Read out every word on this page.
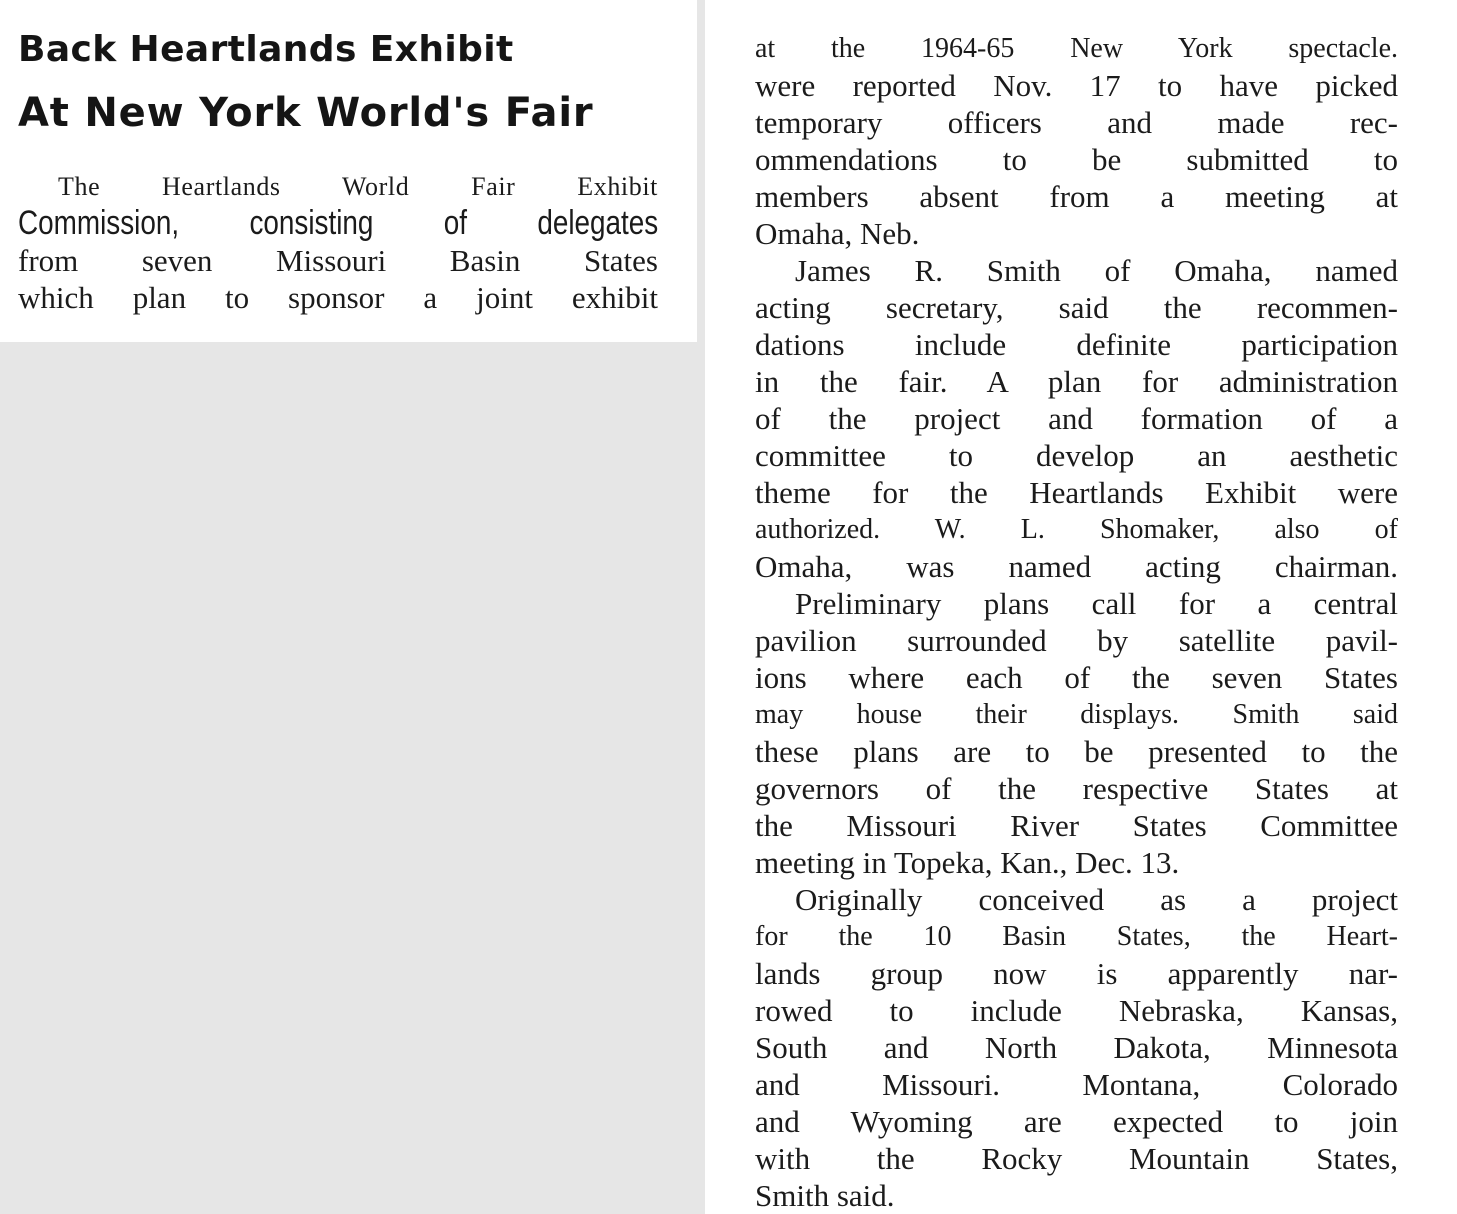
Back Heartlands Exhibit
At New York World's Fair
The Heartlands World Fair Exhibit
Commission, consisting of delegates
from seven Missouri Basin States
which plan to sponsor a joint exhibit
at the 1964-65 New York spectacle.
were reported Nov. 17 to have picked
temporary officers and made rec-
ommendations to be submitted to
members absent from a meeting at
Omaha, Neb.
James R. Smith of Omaha, named
acting secretary, said the recommen-
dations include definite participation
in the fair. A plan for administration
of the project and formation of a
committee to develop an aesthetic
theme for the Heartlands Exhibit were
authorized. W. L. Shomaker, also of
Omaha, was named acting chairman.
Preliminary plans call for a central
pavilion surrounded by satellite pavil-
ions where each of the seven States
may house their displays. Smith said
these plans are to be presented to the
governors of the respective States at
the Missouri River States Committee
meeting in Topeka, Kan., Dec. 13.
Originally conceived as a project
for the 10 Basin States, the Heart-
lands group now is apparently nar-
rowed to include Nebraska, Kansas,
South and North Dakota, Minnesota
and Missouri. Montana, Colorado
and Wyoming are expected to join
with the Rocky Mountain States,
Smith said.
